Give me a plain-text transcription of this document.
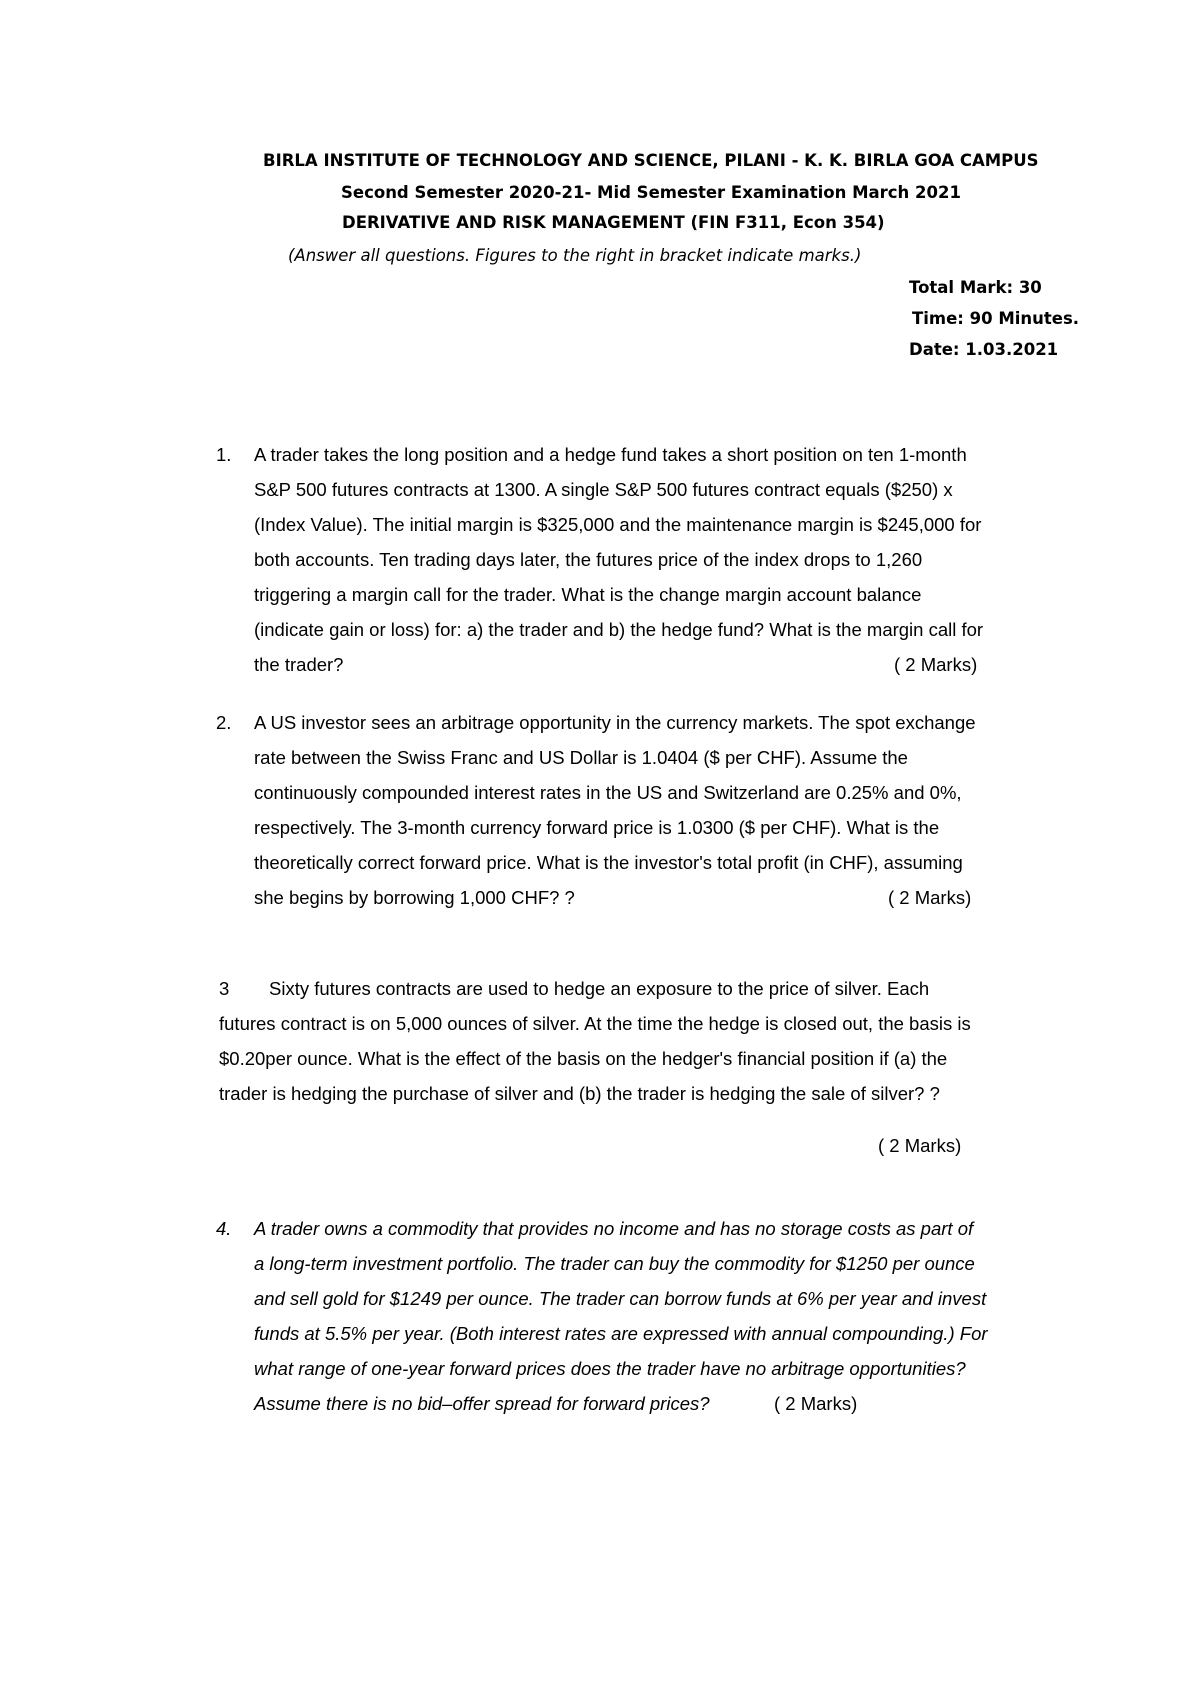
BIRLA INSTITUTE OF TECHNOLOGY AND SCIENCE, PILANI - K. K. BIRLA GOA CAMPUS
Second Semester 2020-21- Mid Semester Examination March 2021
DERIVATIVE AND RISK MANAGEMENT (FIN F311, Econ 354)
(Answer all questions. Figures to the right in bracket indicate marks.)
Total Mark: 30
Time: 90 Minutes.
Date: 1.03.2021
1. A trader takes the long position and a hedge fund takes a short position on ten 1-month
S&P 500 futures contracts at 1300. A single S&P 500 futures contract equals ($250) x
(Index Value). The initial margin is $325,000 and the maintenance margin is $245,000 for
both accounts. Ten trading days later, the futures price of the index drops to 1,260
triggering a margin call for the trader. What is the change margin account balance
(indicate gain or loss) for: a) the trader and b) the hedge fund? What is the margin call for
the trader?	( 2 Marks)
2. A US investor sees an arbitrage opportunity in the currency markets. The spot exchange
rate between the Swiss Franc and US Dollar is 1.0404 ($ per CHF). Assume the
continuously compounded interest rates in the US and Switzerland are 0.25% and 0%,
respectively. The 3-month currency forward price is 1.0300 ($ per CHF). What is the
theoretically correct forward price. What is the investor's total profit (in CHF), assuming
she begins by borrowing 1,000 CHF? ?	( 2 Marks)
3	Sixty futures contracts are used to hedge an exposure to the price of silver. Each
futures contract is on 5,000 ounces of silver. At the time the hedge is closed out, the basis is
$0.20per ounce. What is the effect of the basis on the hedger's financial position if (a) the
trader is hedging the purchase of silver and (b) the trader is hedging the sale of silver? ?
( 2 Marks)
4. A trader owns a commodity that provides no income and has no storage costs as part of
a long-term investment portfolio. The trader can buy the commodity for $1250 per ounce
and sell gold for $1249 per ounce. The trader can borrow funds at 6% per year and invest
funds at 5.5% per year. (Both interest rates are expressed with annual compounding.) For
what range of one-year forward prices does the trader have no arbitrage opportunities?
Assume there is no bid–offer spread for forward prices?	( 2 Marks)
